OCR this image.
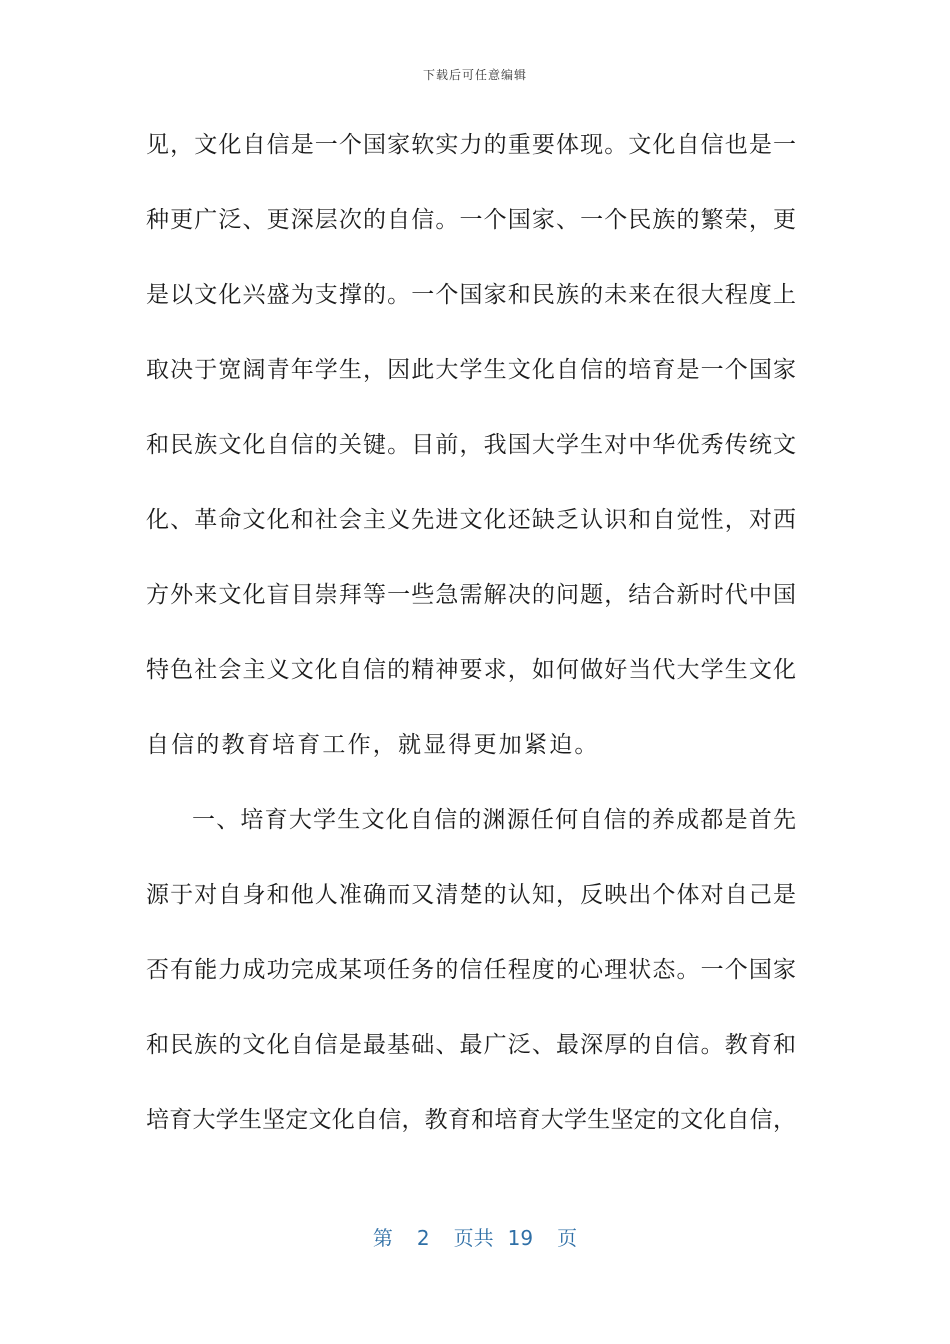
下载后可任意编辑
见，文化自信是一个国家软实力的重要体现。文化自信也是一
种更广泛、更深层次的自信。一个国家、一个民族的繁荣，更
是以文化兴盛为支撑的。一个国家和民族的未来在很大程度上
取决于宽阔青年学生，因此大学生文化自信的培育是一个国家
和民族文化自信的关键。目前，我国大学生对中华优秀传统文
化、革命文化和社会主义先进文化还缺乏认识和自觉性，对西
方外来文化盲目崇拜等一些急需解决的问题，结合新时代中国
特色社会主义文化自信的精神要求，如何做好当代大学生文化
自信的教育培育工作，就显得更加紧迫。
一、培育大学生文化自信的渊源任何自信的养成都是首先
源于对自身和他人准确而又清楚的认知，反映出个体对自己是
否有能力成功完成某项任务的信任程度的心理状态。一个国家
和民族的文化自信是最基础、最广泛、最深厚的自信。教育和
培育大学生坚定文化自信，教育和培育大学生坚定的文化自信，
第 2 页共 19 页
